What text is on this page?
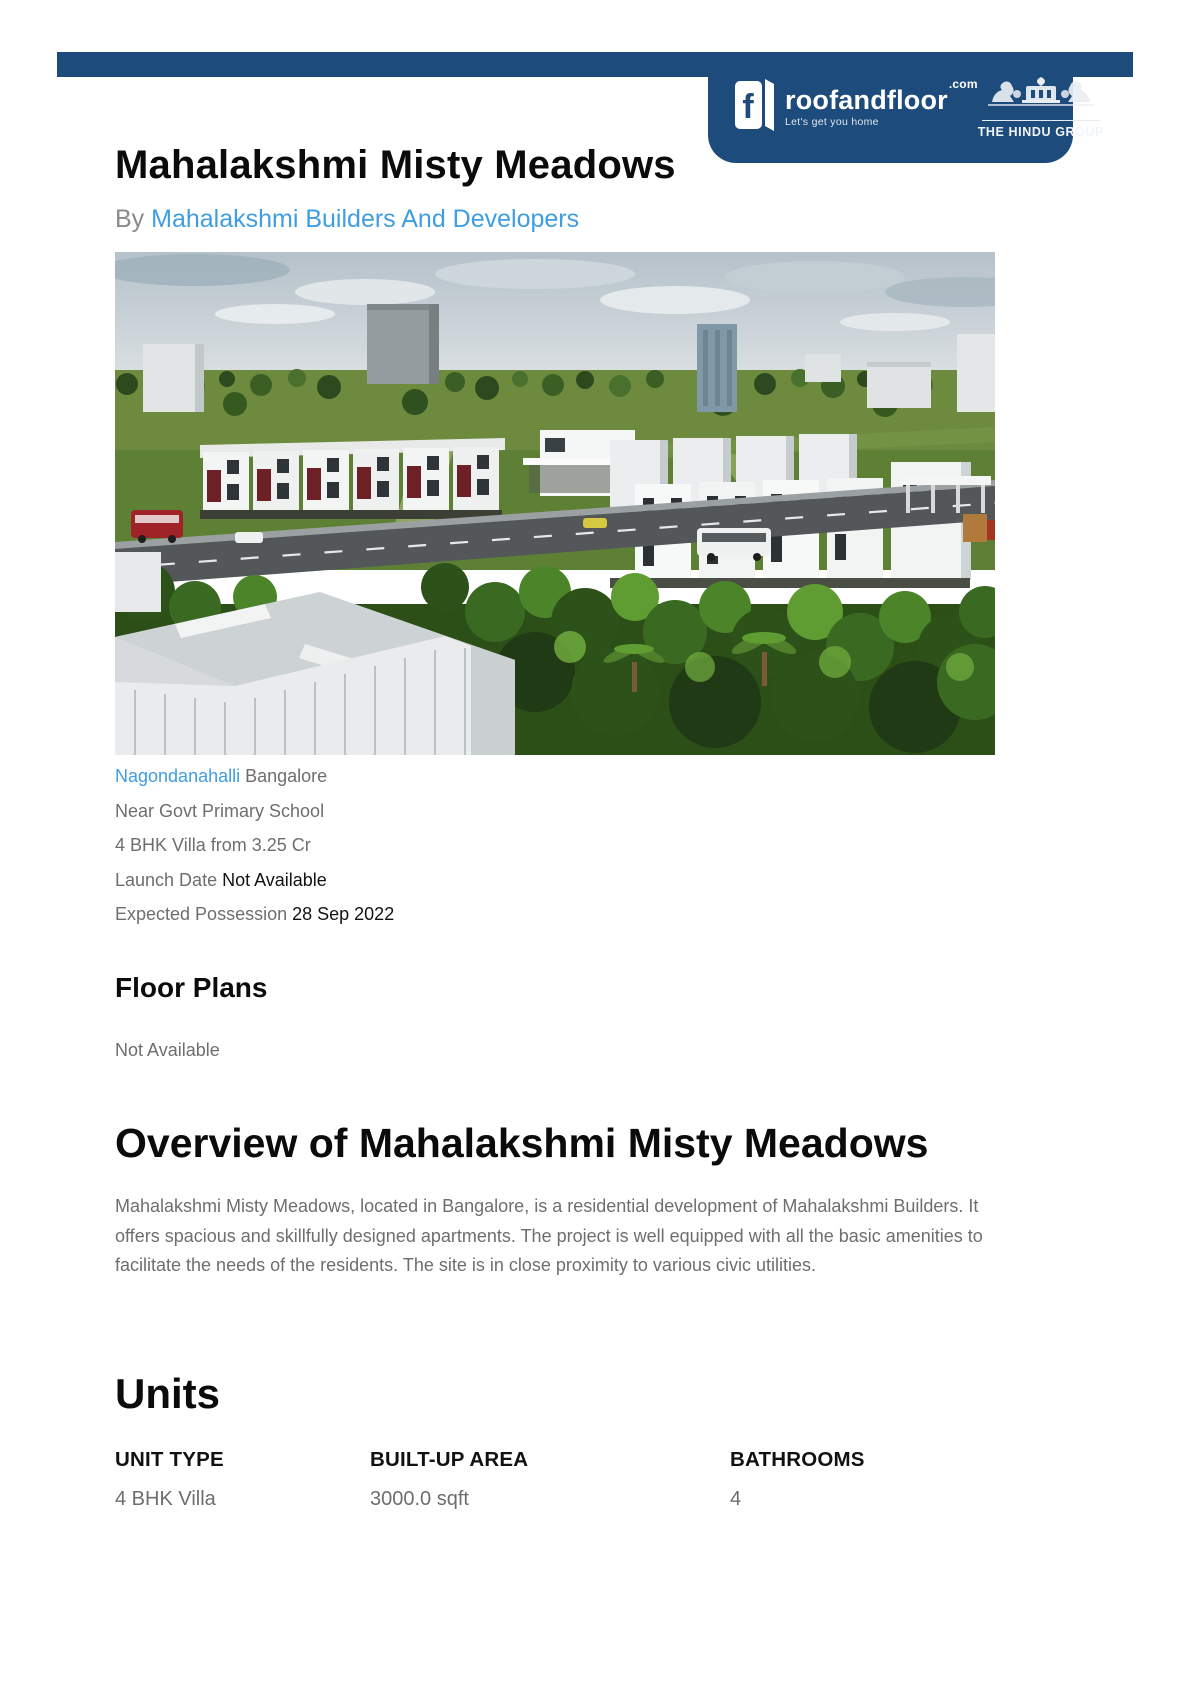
f roofandfloor$^{.com}$
Let's get you home
THE HINDU GROUP
Mahalakshmi Misty Meadows
By Mahalakshmi Builders And Developers
Nagondanahalli Bangalore
Near Govt Primary School
4 BHK Villa from 3.25 Cr
Launch Date Not Available
Expected Possession 28 Sep 2022
Floor Plans
Not Available
Overview of Mahalakshmi Misty Meadows
Mahalakshmi Misty Meadows, located in Bangalore, is a residential development of Mahalakshmi Builders. It offers spacious and skillfully designed apartments. The project is well equipped with all the basic amenities to facilitate the needs of the residents. The site is in close proximity to various civic utilities.
Units
UNIT TYPE	BUILT-UP AREA	BATHROOMS
4 BHK Villa	3000.0 sqft	4
